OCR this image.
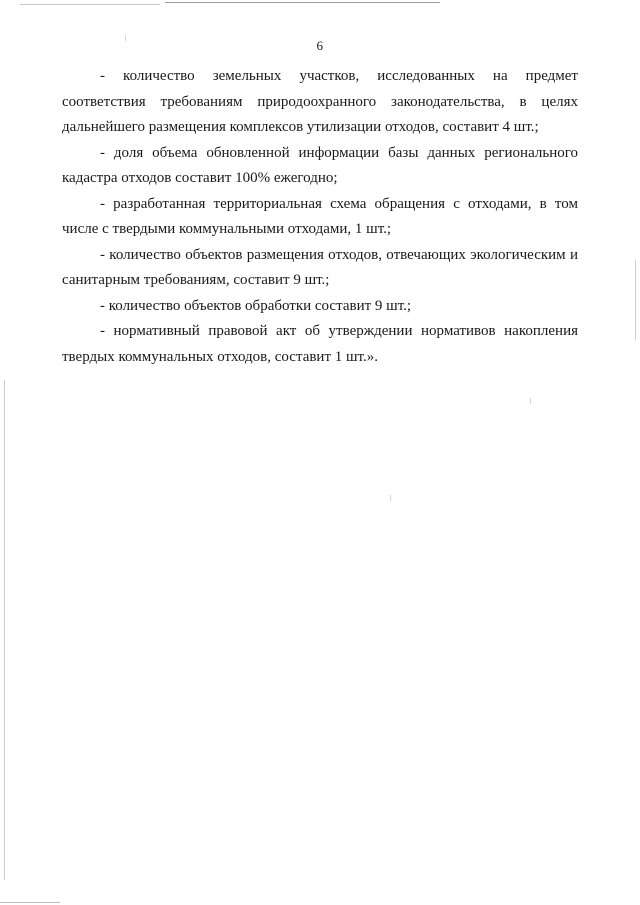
6

- количество земельных участков, исследованных на предмет соответствия требованиям природоохранного законодательства, в целях дальнейшего размещения комплексов утилизации отходов, составит 4 шт.;

- доля объема обновленной информации базы данных регионального кадастра отходов составит 100% ежегодно;

- разработанная территориальная схема обращения с отходами, в том числе с твердыми коммунальными отходами, 1 шт.;

- количество объектов размещения отходов, отвечающих экологическим и санитарным требованиям, составит 9 шт.;

- количество объектов обработки составит 9 шт.;

- нормативный правовой акт об утверждении нормативов накопления твердых коммунальных отходов, составит 1 шт.».
